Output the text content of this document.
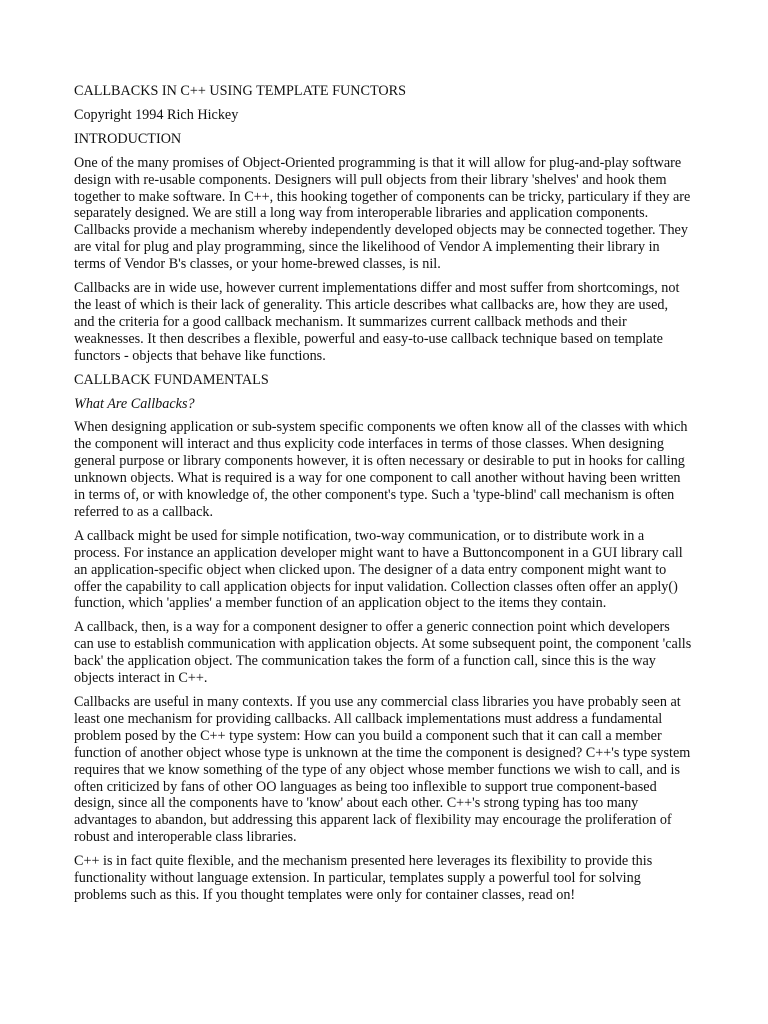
CALLBACKS IN C++ USING TEMPLATE FUNCTORS

Copyright 1994 Rich Hickey

INTRODUCTION

One of the many promises of Object-Oriented programming is that it will allow for plug-and-play software design with re-usable components. Designers will pull objects from their library 'shelves' and hook them together to make software. In C++, this hooking together of components can be tricky, particulary if they are separately designed. We are still a long way from interoperable libraries and application components. Callbacks provide a mechanism whereby independently developed objects may be connected together. They are vital for plug and play programming, since the likelihood of Vendor A implementing their library in terms of Vendor B's classes, or your home-brewed classes, is nil.

Callbacks are in wide use, however current implementations differ and most suffer from shortcomings, not the least of which is their lack of generality. This article describes what callbacks are, how they are used, and the criteria for a good callback mechanism. It summarizes current callback methods and their weaknesses. It then describes a flexible, powerful and easy-to-use callback technique based on template functors - objects that behave like functions.

CALLBACK FUNDAMENTALS

What Are Callbacks?

When designing application or sub-system specific components we often know all of the classes with which the component will interact and thus explicity code interfaces in terms of those classes. When designing general purpose or library components however, it is often necessary or desirable to put in hooks for calling unknown objects. What is required is a way for one component to call another without having been written in terms of, or with knowledge of, the other component's type. Such a 'type-blind' call mechanism is often referred to as a callback.

A callback might be used for simple notification, two-way communication, or to distribute work in a process. For instance an application developer might want to have a Buttoncomponent in a GUI library call an application-specific object when clicked upon. The designer of a data entry component might want to offer the capability to call application objects for input validation. Collection classes often offer an apply() function, which 'applies' a member function of an application object to the items they contain.

A callback, then, is a way for a component designer to offer a generic connection point which developers can use to establish communication with application objects. At some subsequent point, the component 'calls back' the application object. The communication takes the form of a function call, since this is the way objects interact in C++.

Callbacks are useful in many contexts. If you use any commercial class libraries you have probably seen at least one mechanism for providing callbacks. All callback implementations must address a fundamental problem posed by the C++ type system: How can you build a component such that it can call a member function of another object whose type is unknown at the time the component is designed? C++'s type system requires that we know something of the type of any object whose member functions we wish to call, and is often criticized by fans of other OO languages as being too inflexible to support true component-based design, since all the components have to 'know' about each other. C++'s strong typing has too many advantages to abandon, but addressing this apparent lack of flexibility may encourage the proliferation of robust and interoperable class libraries.

C++ is in fact quite flexible, and the mechanism presented here leverages its flexibility to provide this functionality without language extension. In particular, templates supply a powerful tool for solving problems such as this. If you thought templates were only for container classes, read on!
